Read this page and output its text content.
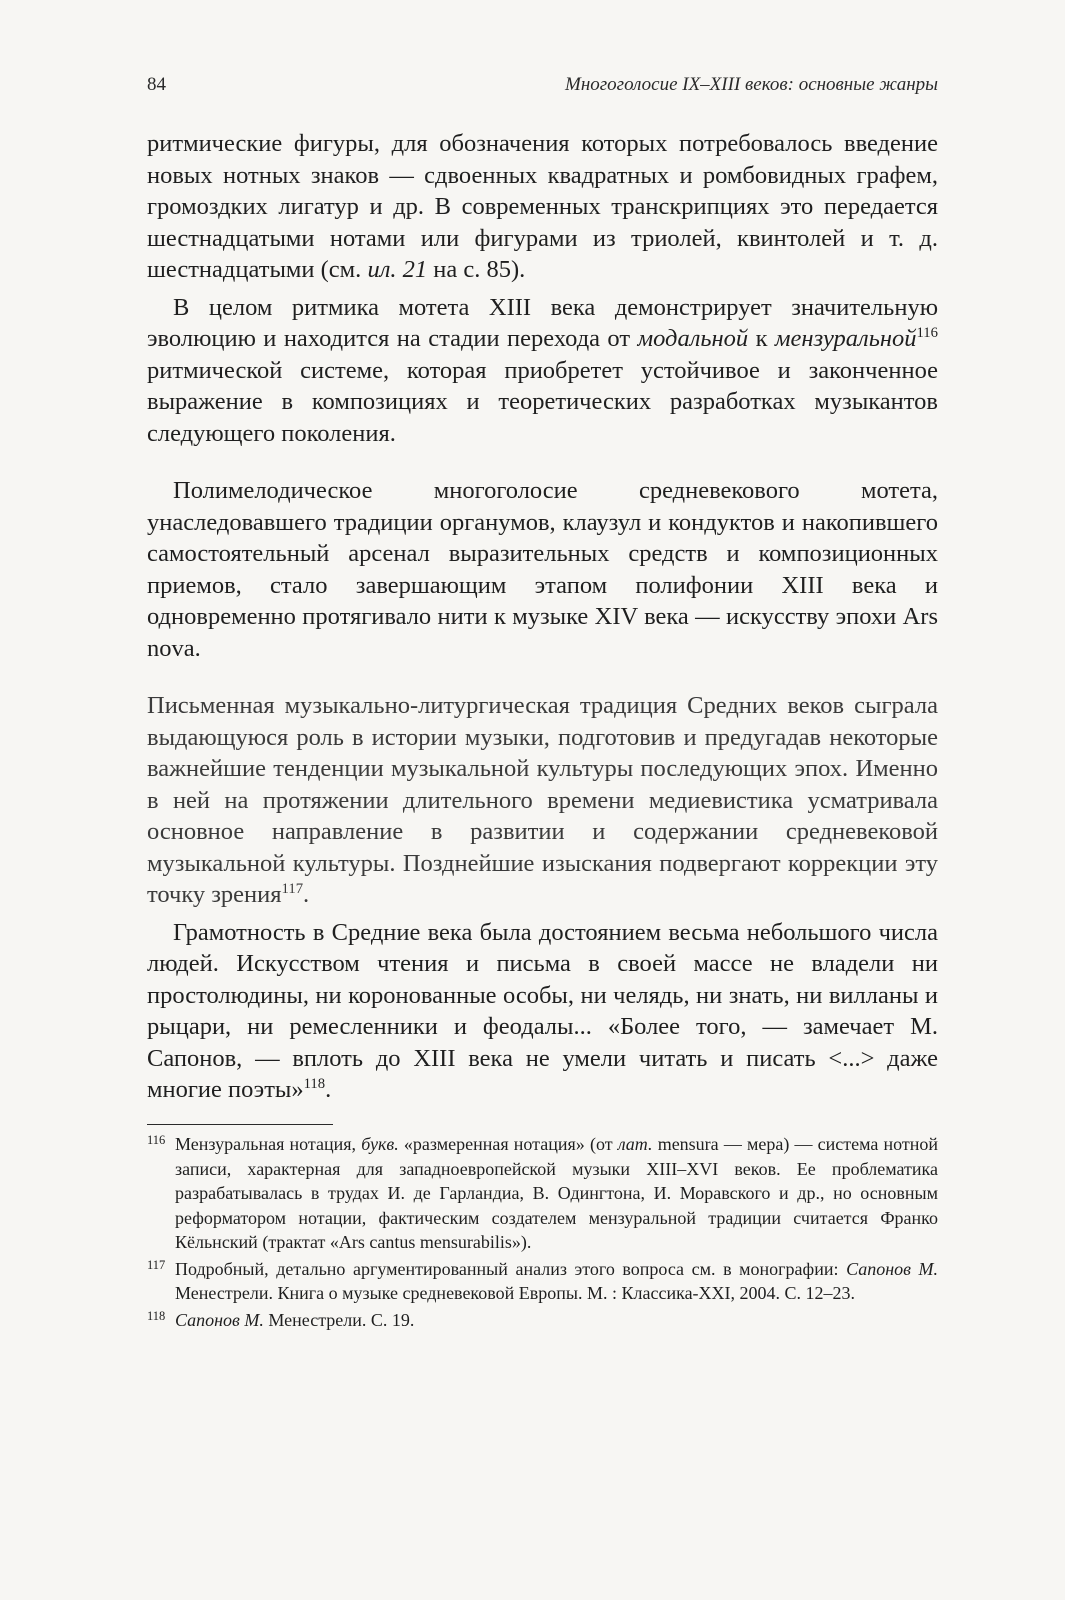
84	Многоголосие IX–XIII веков: основные жанры

ритмические фигуры, для обозначения которых потребовалось введение новых нотных знаков — сдвоенных квадратных и ромбовидных графем, громоздких лигатур и др. В современных транскрипциях это передается шестнадцатыми нотами или фигурами из триолей, квинтолей и т. д. шестнадцатыми (см. ил. 21 на с. 85).

В целом ритмика мотета XIII века демонстрирует значительную эволюцию и находится на стадии перехода от модальной к мензуральной$^{116}$ ритмической системе, которая приобретет устойчивое и законченное выражение в композициях и теоретических разработках музыкантов следующего поколения.

Полимелодическое многоголосие средневекового мотета, унаследовавшего традиции органумов, клаузул и кондуктов и накопившего самостоятельный арсенал выразительных средств и композиционных приемов, стало завершающим этапом полифонии XIII века и одновременно протягивало нити к музыке XIV века — искусству эпохи Ars nova.

Письменная музыкально-литургическая традиция Средних веков сыграла выдающуюся роль в истории музыки, подготовив и предугадав некоторые важнейшие тенденции музыкальной культуры последующих эпох. Именно в ней на протяжении длительного времени медиевистика усматривала основное направление в развитии и содержании средневековой музыкальной культуры. Позднейшие изыскания подвергают коррекции эту точку зрения$^{117}$.

Грамотность в Средние века была достоянием весьма небольшого числа людей. Искусством чтения и письма в своей массе не владели ни простолюдины, ни коронованные особы, ни челядь, ни знать, ни вилланы и рыцари, ни ремесленники и феодалы... «Более того, — замечает М. Сапонов, — вплоть до XIII века не умели читать и писать <...> даже многие поэты»$^{118}$.

116 Мензуральная нотация, букв. «размеренная нотация» (от лат. mensura — мера) — система нотной записи, характерная для западноевропейской музыки XIII–XVI веков. Ее проблематика разрабатывалась в трудах И. де Гарландиа, В. Одингтона, И. Моравского и др., но основным реформатором нотации, фактическим создателем мензуральной традиции считается Франко Кёльнский (трактат «Ars cantus mensurabilis»).

117 Подробный, детально аргументированный анализ этого вопроса см. в монографии: Сапонов М. Менестрели. Книга о музыке средневековой Европы. М. : Классика-XXI, 2004. С. 12–23.

118 Сапонов М. Менестрели. С. 19.
